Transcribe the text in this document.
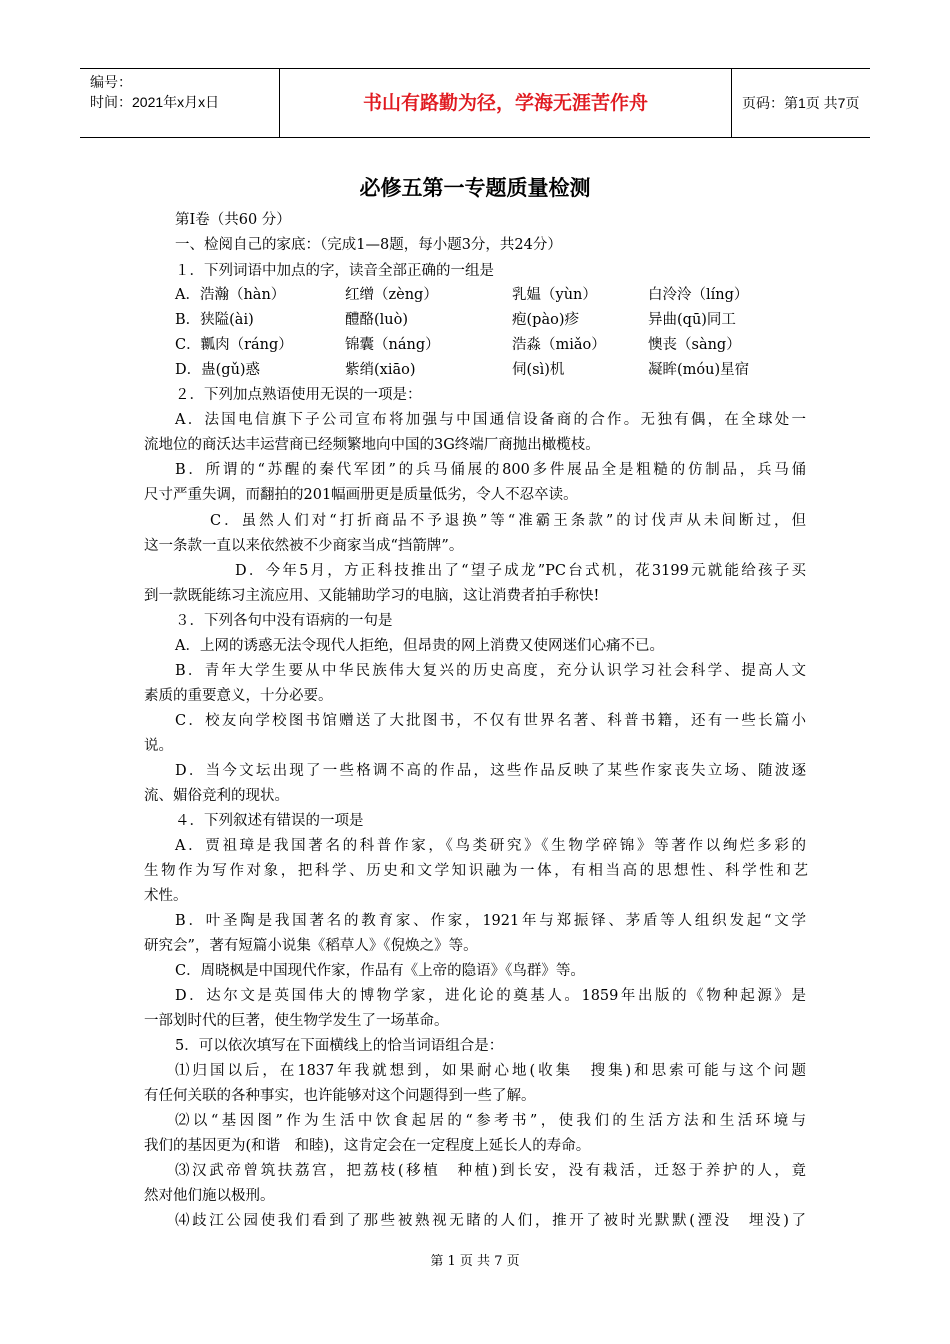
编号：
时间：2021年x月x日	书山有路勤为径，学海无涯苦作舟	页码：第1页 共7页
必修五第一专题质量检测
第Ⅰ卷（共60 分）
一、检阅自己的家底：（完成1—8题，每小题3分，共24分）
１．下列词语中加点的字，读音全部正确的一组是
A．浩瀚（hàn）	红缯（zèng）	乳媪（yùn）	白泠泠（líng）
B．狭隘(ài)	醴酪(luò)	疱(pào)疹	异曲(qū)同工
C．瓤肉（ráng）	锦囊（náng）	浩淼（miǎo）	懊丧（sàng）
D．蛊(gǔ)惑	紫绡(xiāo)	伺(sì)机	凝眸(móu)星宿
２．下列加点熟语使用无误的一项是：
A．法国电信旗下子公司宣布将加强与中国通信设备商的合作。无独有偶，在全球处一
流地位的商沃达丰运营商已经频繁地向中国的3G终端厂商抛出橄榄枝。
B．所谓的“苏醒的秦代军团”的兵马俑展的800多件展品全是粗糙的仿制品，兵马俑
尺寸严重失调，而翻拍的201幅画册更是质量低劣，令人不忍卒读。
C．虽然人们对“打折商品不予退换”等“准霸王条款”的讨伐声从未间断过，但
这一条款一直以来依然被不少商家当成“挡箭牌”。
D．今年5月，方正科技推出了“望子成龙”PC台式机，花3199元就能给孩子买
到一款既能练习主流应用、又能辅助学习的电脑，这让消费者拍手称快!
３．下列各句中没有语病的一句是
A．上网的诱惑无法令现代人拒绝，但昂贵的网上消费又使网迷们心痛不已。
B．青年大学生要从中华民族伟大复兴的历史高度，充分认识学习社会科学、提高人文
素质的重要意义，十分必要。
C．校友向学校图书馆赠送了大批图书，不仅有世界名著、科普书籍，还有一些长篇小
说。
D．当今文坛出现了一些格调不高的作品，这些作品反映了某些作家丧失立场、随波逐
流、媚俗竞利的现状。
４．下列叙述有错误的一项是
A．贾祖璋是我国著名的科普作家，《鸟类研究》《生物学碎锦》等著作以绚烂多彩的
生物作为写作对象，把科学、历史和文学知识融为一体，有相当高的思想性、科学性和艺
术性。
B．叶圣陶是我国著名的教育家、作家，1921年与郑振铎、茅盾等人组织发起“文学
研究会”，著有短篇小说集《稻草人》《倪焕之》等。
C．周晓枫是中国现代作家，作品有《上帝的隐语》《鸟群》等。
D．达尔文是英国伟大的博物学家，进化论的奠基人。1859年出版的《物种起源》是
一部划时代的巨著，使生物学发生了一场革命。
5．可以依次填写在下面横线上的恰当词语组合是：
⑴归国以后，在1837年我就想到，如果耐心地(收集　搜集)和思索可能与这个问题
有任何关联的各种事实，也许能够对这个问题得到一些了解。
⑵以“基因图”作为生活中饮食起居的“参考书”，使我们的生活方法和生活环境与
我们的基因更为(和谐　和睦)，这肯定会在一定程度上延长人的寿命。
⑶汉武帝曾筑扶荔宫，把荔枝(移植　种植)到长安，没有栽活，迁怒于养护的人，竟
然对他们施以极刑。
⑷歧江公园使我们看到了那些被熟视无睹的人们，推开了被时光默默(湮没　埋没)了
第 1 页 共 7 页
